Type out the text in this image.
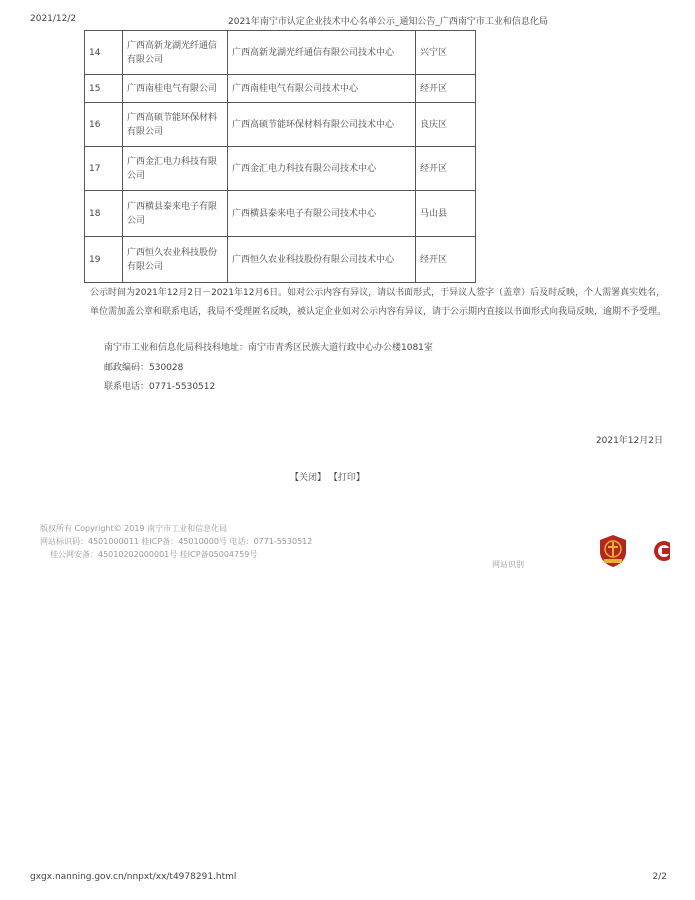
2021/12/2	2021年南宁市认定企业技术中心名单公示_通知公告_广西南宁市工业和信息化局
14	广西高新龙湖光纤通信有限公司	广西高新龙湖光纤通信有限公司技术中心	兴宁区
15	广西南桂电气有限公司	广西南桂电气有限公司技术中心	经开区
16	广西高硕节能环保材料有限公司	广西高硕节能环保材料有限公司技术中心	良庆区
17	广西金汇电力科技有限公司	广西金汇电力科技有限公司技术中心	经开区
18	广西横县泰来电子有限公司	广西横县泰来电子有限公司技术中心	马山县
19	广西恒久农业科技股份有限公司	广西恒久农业科技股份有限公司技术中心	经开区
公示时间为2021年12月2日－2021年12月6日。如对公示内容有异议，请以书面形式，于异议人签字（盖章）后及时反映，个人需署真实姓名，单位需加盖公章和联系电话，我局不受理匿名反映，被认定企业如对公示内容有异议，请于公示期内直接以书面形式向我局反映，逾期不予受理。
南宁市工业和信息化局科技科地址：南宁市青秀区民族大道行政中心办公楼1081室
邮政编码：530028
联系电话：0771-5530512
2021年12月2日
【关闭】 【打印】
版权所有 Copyright© 2019 南宁市工业和信息化局
网站标识码：4501000011 桂ICP备：45010000号 电话：0771-5530512
桂公网安备：45010202000001号 桂ICP备05004759号
网站识别
gxgx.nanning.gov.cn/nnpxt/xx/t4978291.html	2/2
